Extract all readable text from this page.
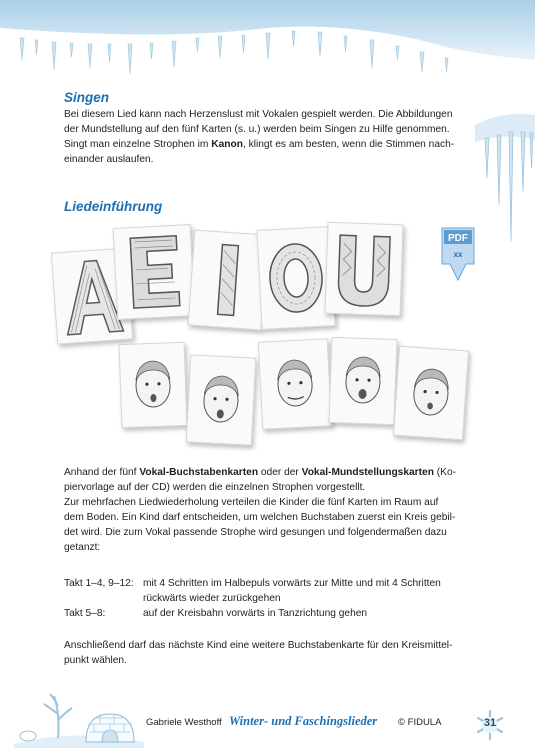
Singen
Bei diesem Lied kann nach Herzenslust mit Vokalen gespielt werden. Die Abbildungen
der Mundstellung auf den fünf Karten (s. u.) werden beim Singen zu Hilfe genommen.
Singt man einzelne Strophen im Kanon, klingt es am besten, wenn die Stimmen nach-
einander auslaufen.
Liedeinführung
PDF
xx
Anhand der fünf Vokal-Buchstabenkarten oder der Vokal-Mundstellungskarten (Ko-
piervorlage auf der CD) werden die einzelnen Strophen vorgestellt.
Zur mehrfachen Liedwiederholung verteilen die Kinder die fünf Karten im Raum auf
dem Boden. Ein Kind darf entscheiden, um welchen Buchstaben zuerst ein Kreis gebil-
det wird. Die zum Vokal passende Strophe wird gesungen und folgendermaßen dazu
getanzt:
Takt 1–4, 9–12: mit 4 Schritten im Halbepuls vorwärts zur Mitte und mit 4 Schritten
rückwärts wieder zurückgehen
Takt 5–8:	auf der Kreisbahn vorwärts in Tanzrichtung gehen
Anschließend darf das nächste Kind eine weitere Buchstabenkarte für den Kreismittel-
punkt wählen.
Gabriele Westhoff Winter- und Faschingslieder © FIDULA	31
